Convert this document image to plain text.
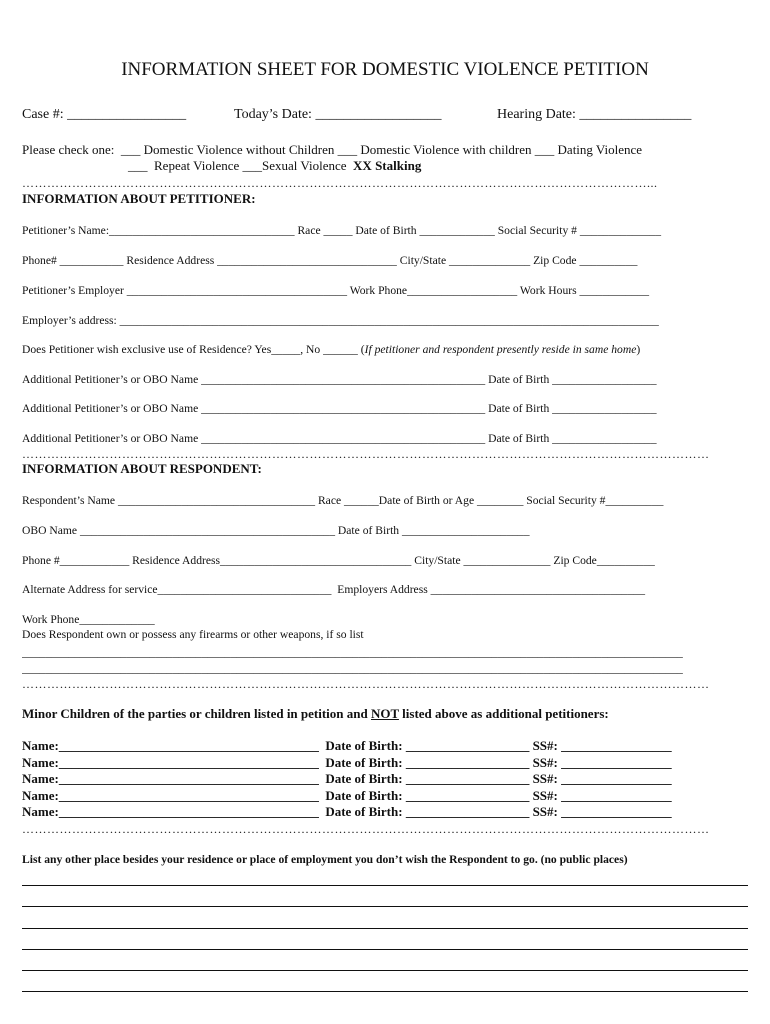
INFORMATION SHEET FOR DOMESTIC VIOLENCE PETITION
Case #: _________________	Today’s Date: __________________	Hearing Date: ________________
Please check one:  ___ Domestic Violence without Children ___ Domestic Violence with children ___ Dating Violence
___  Repeat Violence ___Sexual Violence  XX Stalking
……………………………………………………………………………………………………………………………………...
INFORMATION ABOUT PETITIONER:
Petitioner’s Name:________________________________ Race _____ Date of Birth _____________ Social Security # ______________
Phone# ___________ Residence Address _______________________________ City/State ______________ Zip Code __________
Petitioner’s Employer ______________________________________ Work Phone___________________ Work Hours ____________
Employer’s address: _____________________________________________________________________________________________
Does Petitioner wish exclusive use of Residence? Yes_____, No ______ (If petitioner and respondent presently reside in same home)
Additional Petitioner’s or OBO Name _________________________________________________ Date of Birth __________________
Additional Petitioner’s or OBO Name _________________________________________________ Date of Birth __________________
Additional Petitioner’s or OBO Name _________________________________________________ Date of Birth __________________
…………………………………………………………………………………………………………………………………………………
INFORMATION ABOUT RESPONDENT:
Respondent’s Name __________________________________ Race ______Date of Birth or Age ________ Social Security #__________
OBO Name ____________________________________________ Date of Birth ______________________
Phone #____________ Residence Address_________________________________ City/State _______________ Zip Code__________
Alternate Address for service______________________________  Employers Address _____________________________________
Work Phone_____________
Does Respondent own or possess any firearms or other weapons, if so list
__________________________________________________________________________________________________________________
__________________________________________________________________________________________________________________
…………………………………………………………………………………………………………………………………………………
Minor Children of the parties or children listed in petition and NOT listed above as additional petitioners:
Name:________________________________________  Date of Birth: ___________________ SS#: _________________
Name:________________________________________  Date of Birth: ___________________ SS#: _________________
Name:________________________________________  Date of Birth: ___________________ SS#: _________________
Name:________________________________________  Date of Birth: ___________________ SS#: _________________
Name:________________________________________  Date of Birth: ___________________ SS#: _________________
…………………………………………………………………………………………………………………………………………………
List any other place besides your residence or place of employment you don’t wish the Respondent to go. (no public places)
